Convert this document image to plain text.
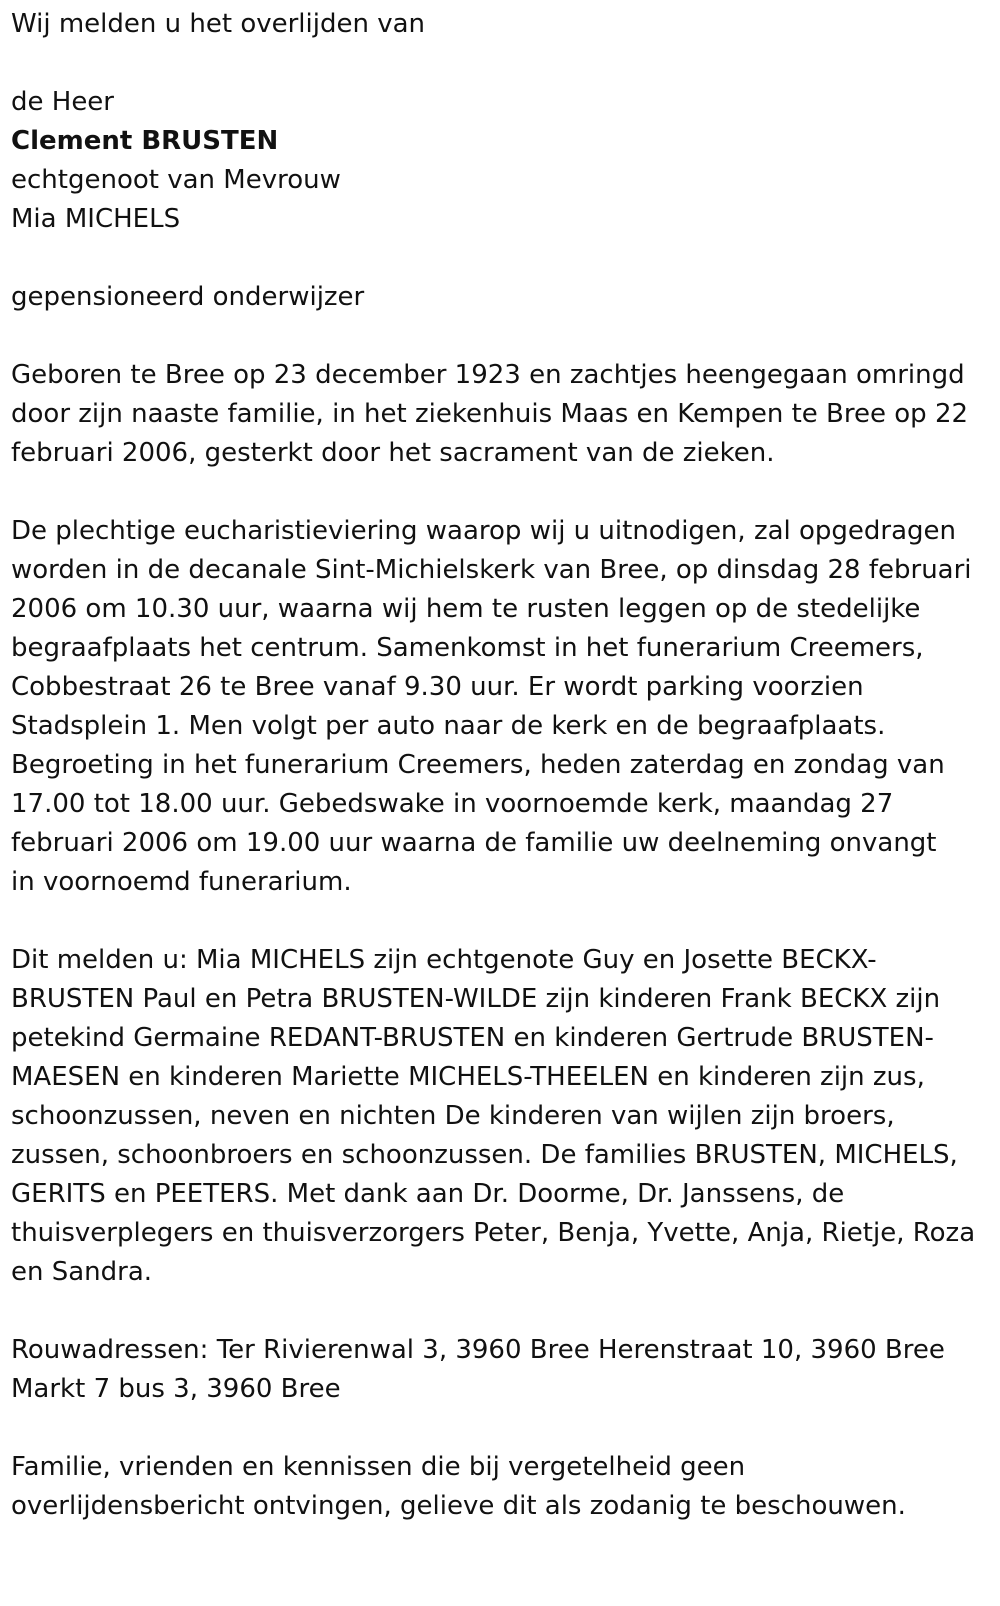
Wij melden u het overlijden van
de Heer
Clement BRUSTEN
echtgenoot van Mevrouw
Mia MICHELS
gepensioneerd onderwijzer
Geboren te Bree op 23 december 1923 en zachtjes heengegaan omringd
door zijn naaste familie, in het ziekenhuis Maas en Kempen te Bree op 22
februari 2006, gesterkt door het sacrament van de zieken.
De plechtige eucharistieviering waarop wij u uitnodigen, zal opgedragen
worden in de decanale Sint-Michielskerk van Bree, op dinsdag 28 februari
2006 om 10.30 uur, waarna wij hem te rusten leggen op de stedelijke
begraafplaats het centrum. Samenkomst in het funerarium Creemers,
Cobbestraat 26 te Bree vanaf 9.30 uur. Er wordt parking voorzien
Stadsplein 1. Men volgt per auto naar de kerk en de begraafplaats.
Begroeting in het funerarium Creemers, heden zaterdag en zondag van
17.00 tot 18.00 uur. Gebedswake in voornoemde kerk, maandag 27
februari 2006 om 19.00 uur waarna de familie uw deelneming onvangt
in voornoemd funerarium.
Dit melden u: Mia MICHELS zijn echtgenote Guy en Josette BECKX-
BRUSTEN Paul en Petra BRUSTEN-WILDE zijn kinderen Frank BECKX zijn
petekind Germaine REDANT-BRUSTEN en kinderen Gertrude BRUSTEN-
MAESEN en kinderen Mariette MICHELS-THEELEN en kinderen zijn zus,
schoonzussen, neven en nichten De kinderen van wijlen zijn broers,
zussen, schoonbroers en schoonzussen. De families BRUSTEN, MICHELS,
GERITS en PEETERS. Met dank aan Dr. Doorme, Dr. Janssens, de
thuisverplegers en thuisverzorgers Peter, Benja, Yvette, Anja, Rietje, Roza
en Sandra.
Rouwadressen: Ter Rivierenwal 3, 3960 Bree Herenstraat 10, 3960 Bree
Markt 7 bus 3, 3960 Bree
Familie, vrienden en kennissen die bij vergetelheid geen
overlijdensbericht ontvingen, gelieve dit als zodanig te beschouwen.
